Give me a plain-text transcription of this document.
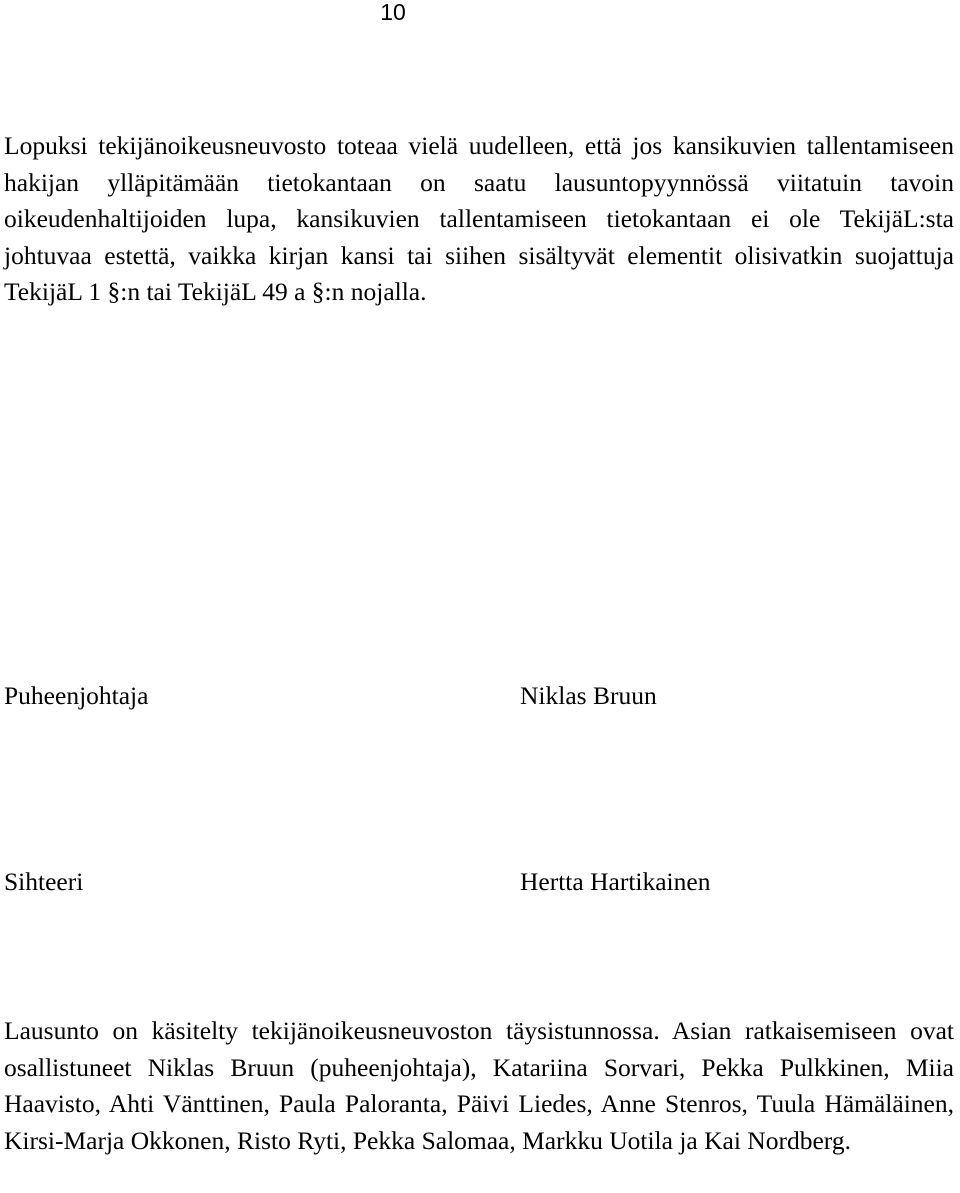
10

Lopuksi tekijänoikeusneuvosto toteaa vielä uudelleen, että jos kansikuvien tallentamiseen hakijan ylläpitämään tietokantaan on saatu lausuntopyynnössä viitatuin tavoin oikeudenhaltijoiden lupa, kansikuvien tallentamiseen tietokantaan ei ole TekijäL:sta johtuvaa estettä, vaikka kirjan kansi tai siihen sisältyvät elementit olisivatkin suojattuja TekijäL 1 §:n tai TekijäL 49 a §:n nojalla.

Puheenjohtaja	Niklas Bruun
Sihteeri	Hertta Hartikainen

Lausunto on käsitelty tekijänoikeusneuvoston täysistunnossa. Asian ratkaisemiseen ovat osallistuneet Niklas Bruun (puheenjohtaja), Katariina Sorvari, Pekka Pulkkinen, Miia Haavisto, Ahti Vänttinen, Paula Paloranta, Päivi Liedes, Anne Stenros, Tuula Hämäläinen, Kirsi-Marja Okkonen, Risto Ryti, Pekka Salomaa, Markku Uotila ja Kai Nordberg.
